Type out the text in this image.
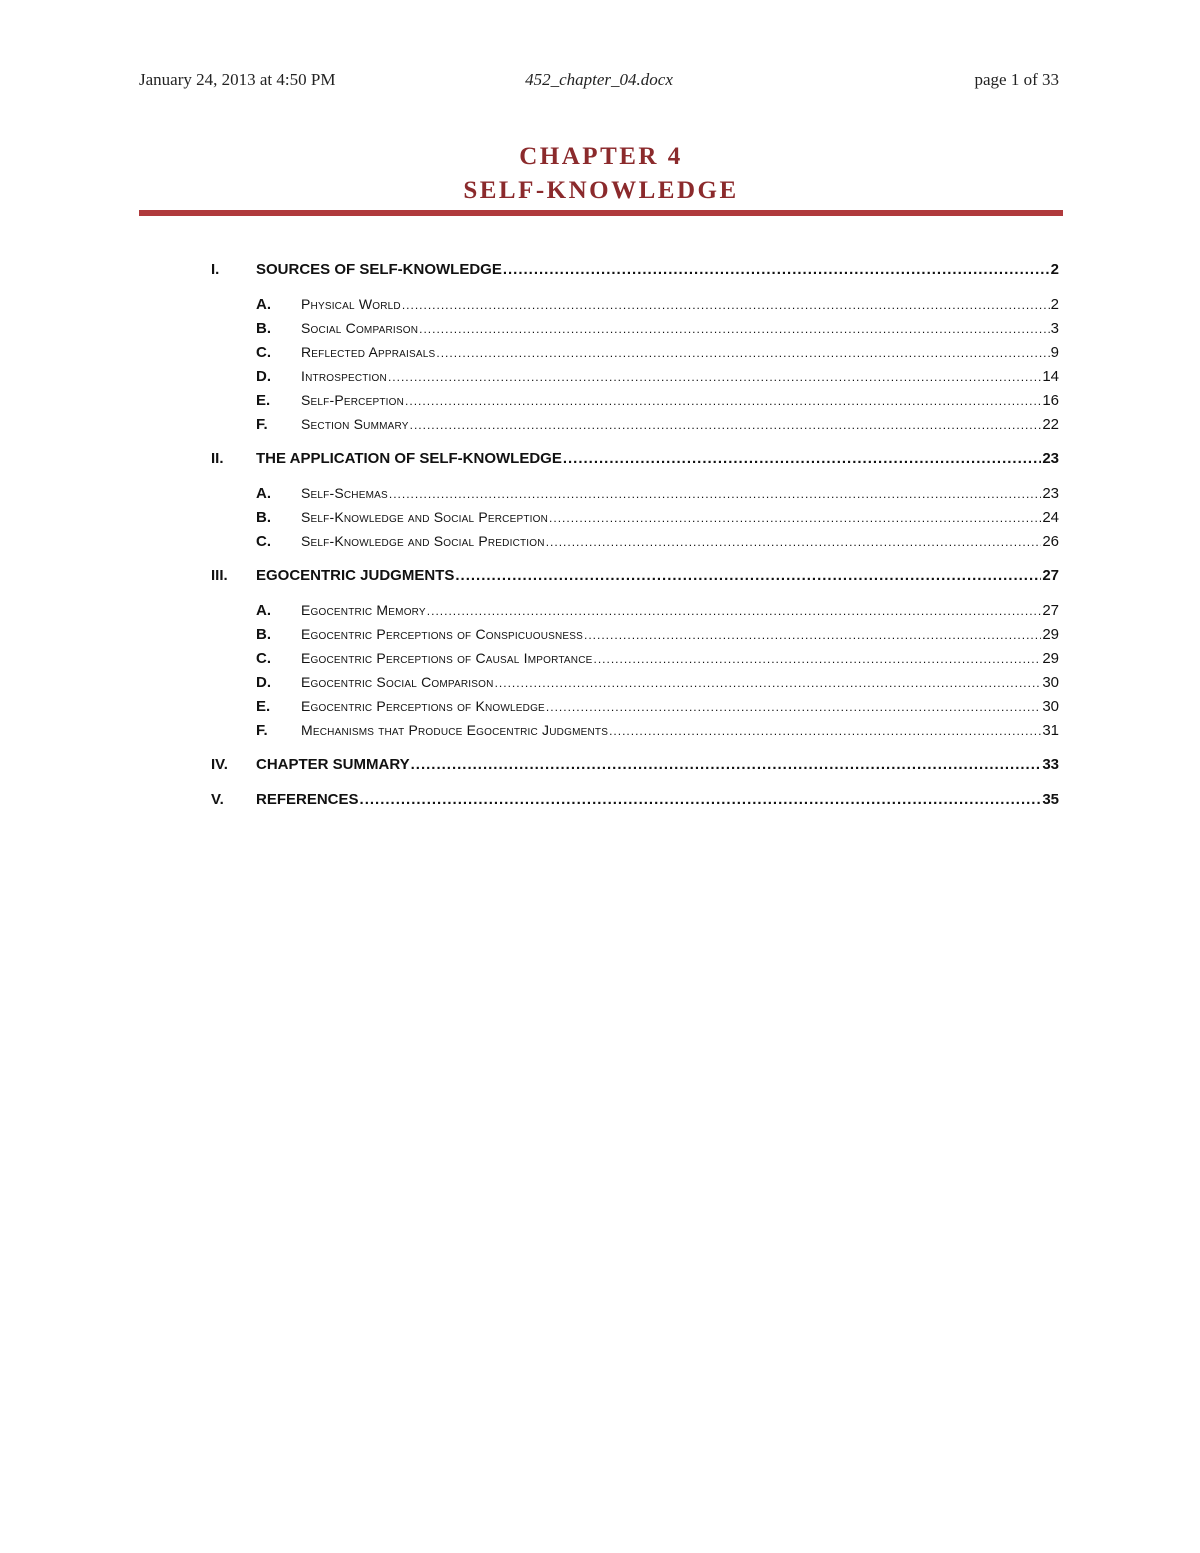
January 24, 2013 at 4:50 PM	452_chapter_04.docx	page 1 of 33
CHAPTER 4
SELF-KNOWLEDGE
I.	SOURCES OF SELF-KNOWLEDGE .....	2
A.	Physical World .....	2
B.	Social Comparison .....	3
C.	Reflected Appraisals .....	9
D.	Introspection .....	14
E.	Self-Perception .....	16
F.	Section Summary .....	22
II.	THE APPLICATION OF SELF-KNOWLEDGE .....	23
A.	Self-Schemas .....	23
B.	Self-Knowledge and Social Perception .....	24
C.	Self-Knowledge and Social Prediction .....	26
III.	EGOCENTRIC JUDGMENTS .....	27
A.	Egocentric Memory .....	27
B.	Egocentric Perceptions of Conspicuousness .....	29
C.	Egocentric Perceptions of Causal Importance .....	29
D.	Egocentric Social Comparison .....	30
E.	Egocentric Perceptions of Knowledge .....	30
F.	Mechanisms that Produce Egocentric Judgments .....	31
IV.	CHAPTER SUMMARY .....	33
V.	REFERENCES .....	35
